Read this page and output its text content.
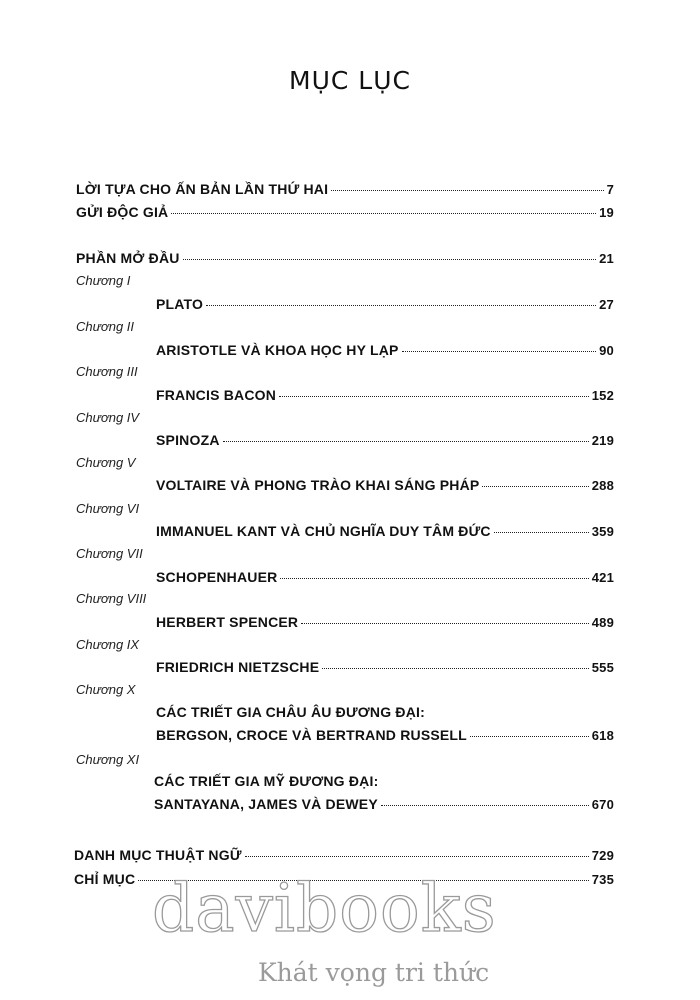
MỤC LỤC
LỜI TỰA CHO ẤN BẢN LẦN THỨ HAI	7
GỬI ĐỘC GIẢ	19
PHẦN MỞ ĐẦU	21
Chương I
PLATO	27
Chương II
ARISTOTLE VÀ KHOA HỌC HY LẠP	90
Chương III
FRANCIS BACON	152
Chương IV
SPINOZA	219
Chương V
VOLTAIRE VÀ PHONG TRÀO KHAI SÁNG PHÁP	288
Chương VI
IMMANUEL KANT VÀ CHỦ NGHĨA DUY TÂM ĐỨC	359
Chương VII
SCHOPENHAUER	421
Chương VIII
HERBERT SPENCER	489
Chương IX
FRIEDRICH NIETZSCHE	555
Chương X
CÁC TRIẾT GIA CHÂU ÂU ĐƯƠNG ĐẠI:
BERGSON, CROCE VÀ BERTRAND RUSSELL	618
Chương XI
CÁC TRIẾT GIA MỸ ĐƯƠNG ĐẠI:
SANTAYANA, JAMES VÀ DEWEY	670
DANH MỤC THUẬT NGỮ	729
CHỈ MỤC	735
davibooks
Khát vọng tri thức
